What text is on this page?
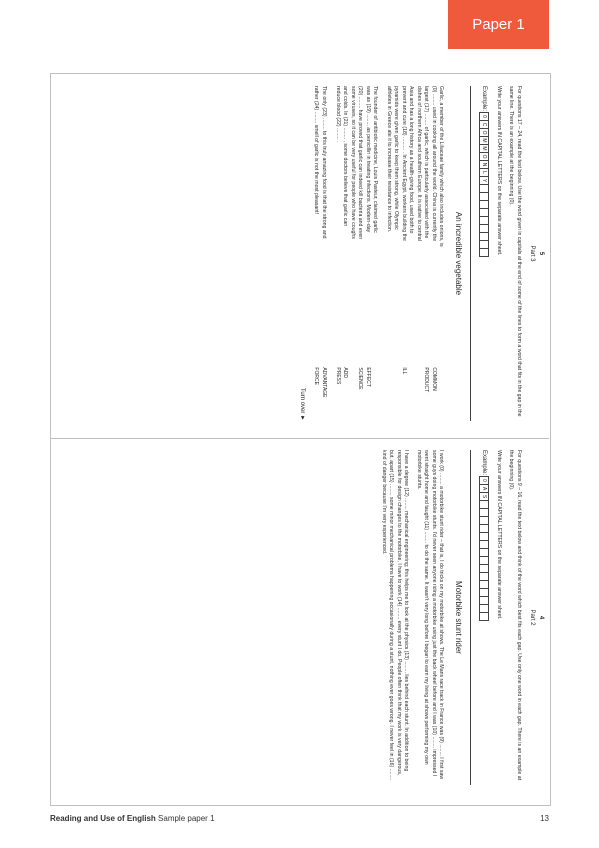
Paper 1

5

Part 3

For questions 17 – 24, read the text below. Use the word given in capitals at the end of some of the lines to form a word that fits in the gap in the same line. There is an example at the beginning (0).

Write your answers IN CAPITAL LETTERS on the separate answer sheet.

Example:
0
C
O
M
M
O
N
L
Y
An incredible vegetable
Garlic, a member of the Liliaceae family which also includes onions, is
(0) ........ used in cooking all around the world. China is currently the
COMMON
largest (17) ........ of garlic, which is particularly associated with the
PRODUCT
dishes of northern Africa and southern Europe. It is native to central
Asia and has a long history as a health-giving food, used both to
prevent and cure (18) ......... . In Ancient Egypt, workers building the
ILL
pyramids were given garlic to keep them strong, while Olympic
athletes in Greece ate it to increase their resistance to infection.
The founder of antibiotic medicine, Louis Pasteur, claimed garlic
was as (19) ........ as penicillin in treating infections. Modern-day
EFFECT
(20) ........ have proved that garlic can indeed kill bacteria and even
SCIENCE
some viruses, so it can be very useful for people who have coughs
and colds. In (21) ........ , some doctors believe that garlic can
ADD
reduce blood (22) ........ .
PRESS
The only (23) ........ to this truly amazing food is that the strong and
ADVANTAGE
rather (24) ........ smell of garlic is not the most pleasant!
FORCE
Turn over ►

4

Part 2

For questions 9 – 16, read the text below and think of the word which best fits each gap. Use only one word in each gap. There is an example at the beginning (0).

Write your answers IN CAPITAL LETTERS on the separate answer sheet.

Example:
0
A
S
Motorbike stunt rider

I work (0) ........ a motorbike stunt rider – that is, I do tricks on my motorbike at shows. The Le Mans race track in France was (9) ........ I first saw some guys doing motorbike stunts. I'd never seen anyone riding a motorbike using just the back wheel before and I was (10) ........ impressed I went straight home and taught (11) ........ to do the same. It wasn't very long before I began to earn my living at shows performing my own motorbike stunts.

I have a degree (12) ........ mechanical engineering; this helps me to look at the physics (13) ........ lies behind each stunt. In addition to being responsible for design changes to the motorbike, I have to work (14) ........ every stunt I do. People often think that my work is very dangerous, but, apart (15) ........ some minor mechanical problems happening occasionally during a stunt, nothing ever goes wrong. I never feel in (16) ........ kind of danger because I'm very experienced.

Reading and Use of English Sample paper 1	13
